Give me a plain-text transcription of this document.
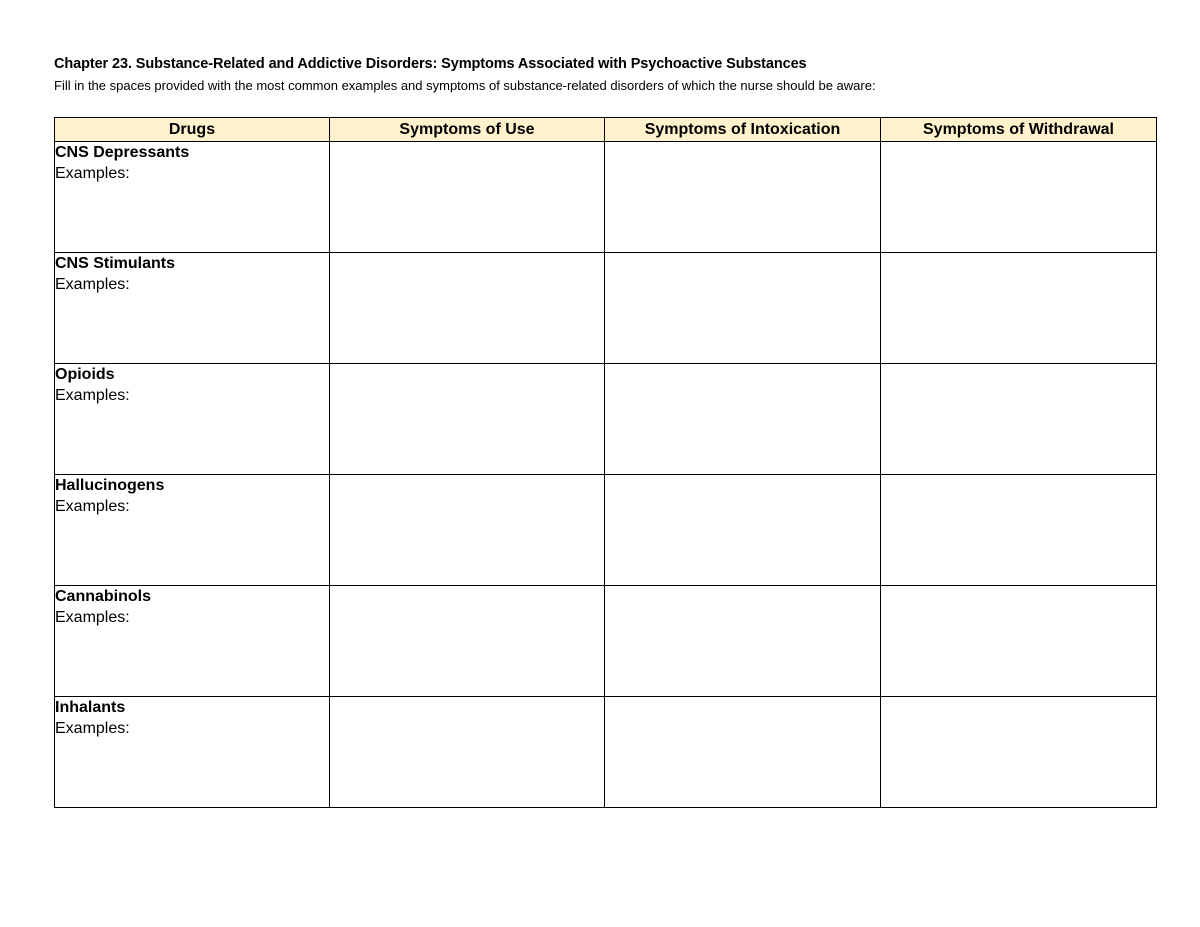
Chapter 23. Substance-Related and Addictive Disorders: Symptoms Associated with Psychoactive Substances
Fill in the spaces provided with the most common examples and symptoms of substance-related disorders of which the nurse should be aware:
Drugs	Symptoms of Use	Symptoms of Intoxication	Symptoms of Withdrawal

CNS Depressants
Examples:			

CNS Stimulants
Examples:			

Opioids
Examples:			

Hallucinogens
Examples:			

Cannabinols
Examples:			

Inhalants
Examples:			
